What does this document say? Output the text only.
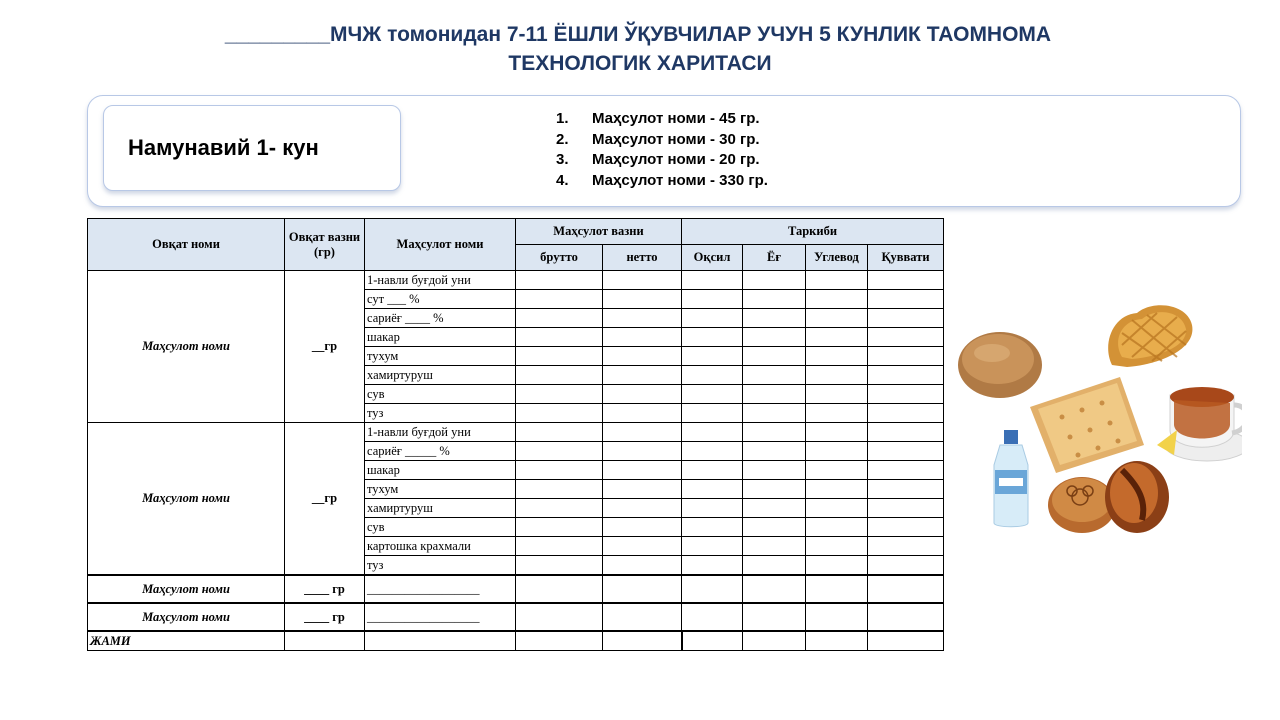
_________МЧЖ томонидан 7-11 ЁШЛИ ЎҚУВЧИЛАР УЧУН 5 КУНЛИК ТАОМНОМА
ТЕХНОЛОГИК ХАРИТАСИ
Намунавий 1- кун
1. Маҳсулот номи - 45 гр.
2. Маҳсулот номи - 30 гр.
3. Маҳсулот номи - 20 гр.
4. Маҳсулот номи - 330 гр.
Овқат номи	Овқат вазни (гр)	Маҳсулот номи	Маҳсулот вазни		Таркиби			
			брутто	нетто	Оқсил	Ёғ	Углевод	Қуввати
Маҳсулот номи	__гр	1-навли буғдой уни						
		сут ___ %						
		сариёғ ____ %						
		шакар						
		тухум						
		хамиртуруш						
		сув						
		туз						
Маҳсулот номи	__гр	1-навли буғдой уни						
		сариёғ _____ %						
		шакар						
		тухум						
		хамиртуруш						
		сув						
		картошка крахмали						
		туз						
Маҳсулот номи	____ гр	__________________						
Маҳсулот номи	____ гр	__________________						
ЖАМИ								
